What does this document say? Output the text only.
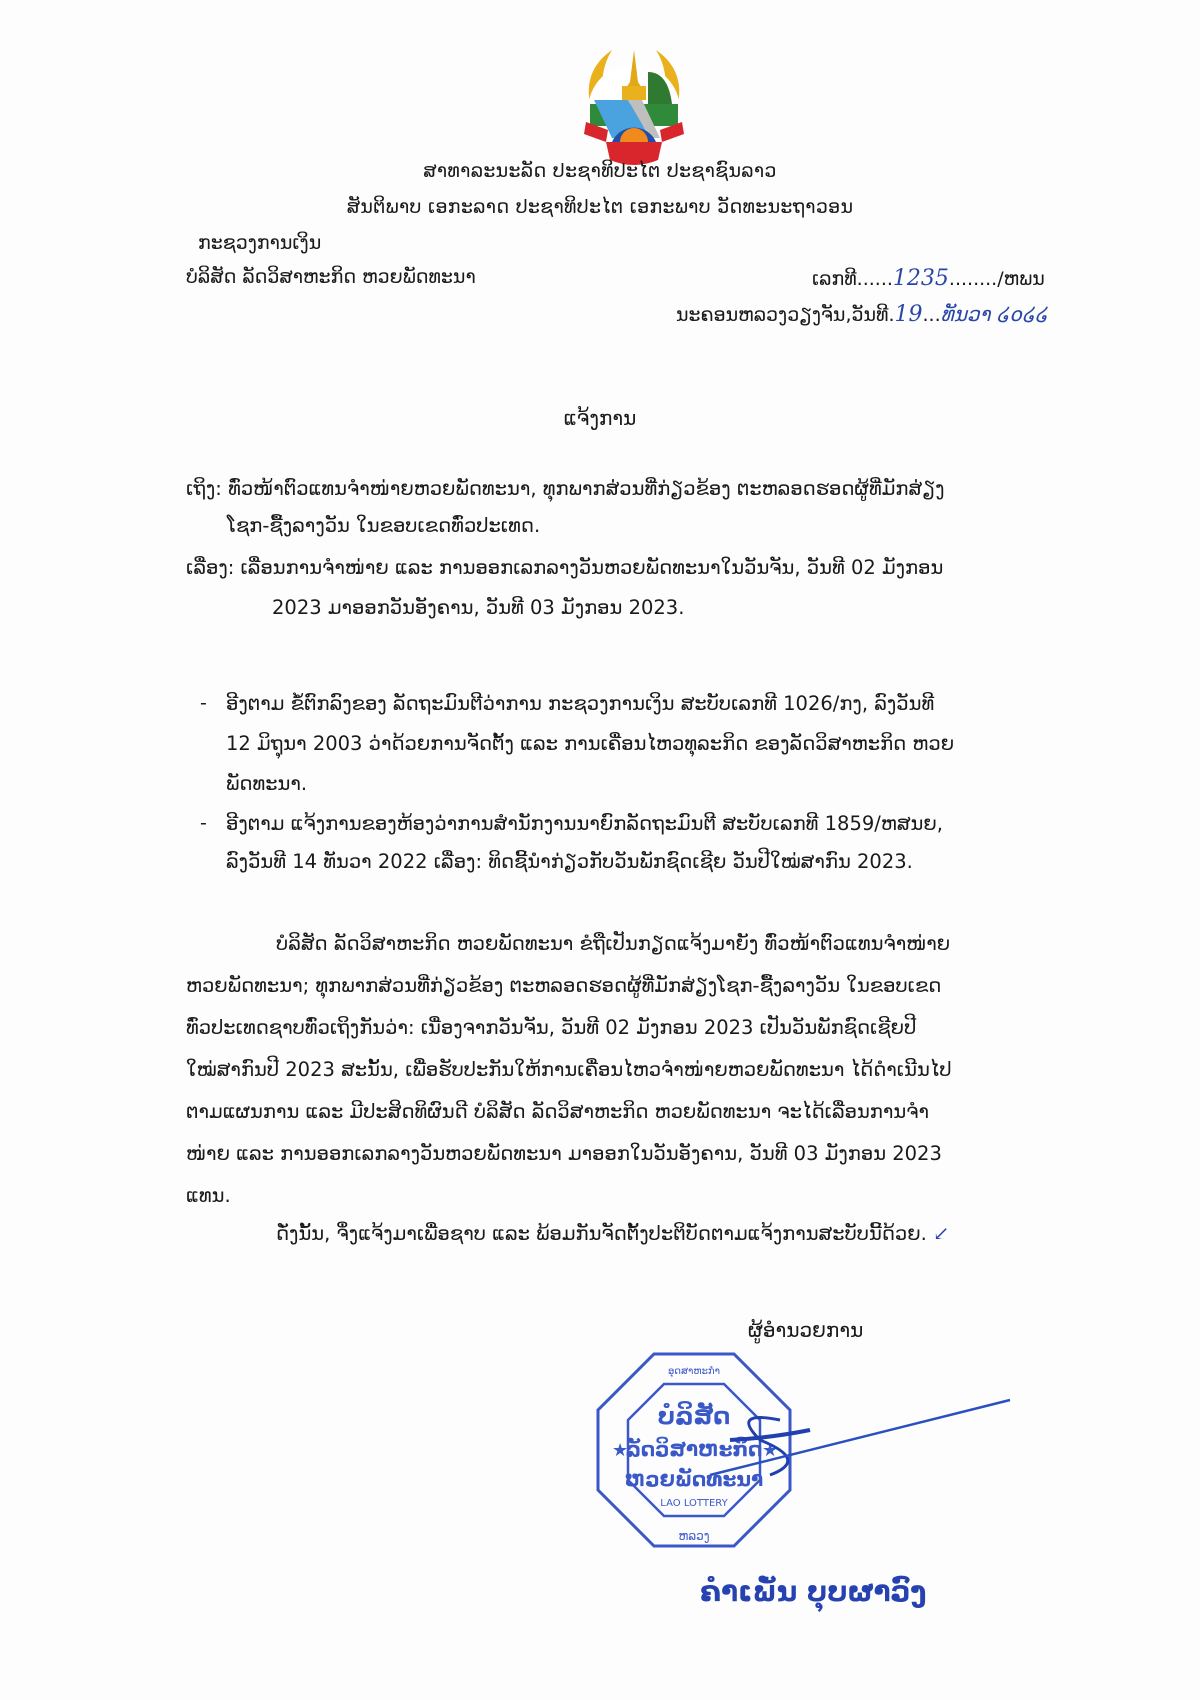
ສາທາລະນະລັດ ປະຊາທິປະໄຕ ປະຊາຊົນລາວ
ສັນຕິພາບ ເອກະລາດ ປະຊາທິປະໄຕ ເອກະພາບ ວັດທະນະຖາວອນ
ກະຊວງການເງິນ
ບໍລິສັດ ລັດວິສາຫະກິດ ຫວຍພັດທະນາ	ເລກທີ......1235......../ຫພນ
ນະຄອນຫລວງວຽງຈັນ,ວັນທີ.19...ທັນວາ ໒໐໒໒
ແຈ້ງການ
ເຖິງ: ທົ່ວໜ້າຕົວແທນຈຳໜ່າຍຫວຍພັດທະນາ, ທຸກພາກສ່ວນທີ່ກ່ຽວຂ້ອງ ຕະຫລອດຮອດຜູ້ທີ່ມັກສ່ຽງ
ໂຊກ-ຊື້ງລາງວັນ ໃນຂອບເຂດທົ່ວປະເທດ.
ເລື່ອງ: ເລື່ອນການຈຳໜ່າຍ ແລະ ການອອກເລກລາງວັນຫວຍພັດທະນາໃນວັນຈັນ, ວັນທີ 02 ມັງກອນ
2023 ມາອອກວັນອັງຄານ, ວັນທີ 03 ມັງກອນ 2023.
- ອີງຕາມ ຂໍ້ຕົກລົງຂອງ ລັດຖະມົນຕີວ່າການ ກະຊວງການເງິນ ສະບັບເລກທີ 1026/ກງ, ລົງວັນທີ
12 ມິຖຸນາ 2003 ວ່າດ້ວຍການຈັດຕັ້ງ ແລະ ການເຄື່ອນໄຫວທຸລະກິດ ຂອງລັດວິສາຫະກິດ ຫວຍ
ພັດທະນາ.
- ອີງຕາມ ແຈ້ງການຂອງຫ້ອງວ່າການສຳນັກງານນາຍົກລັດຖະມົນຕີ ສະບັບເລກທີ 1859/ຫສນຍ,
ລົງວັນທີ 14 ທັນວາ 2022 ເລື່ອງ: ທິດຊີ້ນຳກ່ຽວກັບວັນພັກຊົດເຊີຍ ວັນປີໃໝ່ສາກົນ 2023.
ບໍລິສັດ ລັດວິສາຫະກິດ ຫວຍພັດທະນາ ຂໍຖືເປັນກຽດແຈ້ງມາຍັງ ທົ່ວໜ້າຕົວແທນຈຳໜ່າຍ
ຫວຍພັດທະນາ; ທຸກພາກສ່ວນທີ່ກ່ຽວຂ້ອງ ຕະຫລອດຮອດຜູ້ທີ່ມັກສ່ຽງໂຊກ-ຊື້ງລາງວັນ ໃນຂອບເຂດ
ທົ່ວປະເທດຊາບທົ່ວເຖິງກັນວ່າ: ເນື່ອງຈາກວັນຈັນ, ວັນທີ 02 ມັງກອນ 2023 ເປັນວັນພັກຊົດເຊີຍປີ
ໃໝ່ສາກົນປີ 2023 ສະນັ້ນ, ເພື່ອຮັບປະກັນໃຫ້ການເຄື່ອນໄຫວຈຳໜ່າຍຫວຍພັດທະນາ ໄດ້ດຳເນີນໄປ
ຕາມແຜນການ ແລະ ມີປະສິດທິຜົນດີ ບໍລິສັດ ລັດວິສາຫະກິດ ຫວຍພັດທະນາ ຈະໄດ້ເລື່ອນການຈຳ
ໜ່າຍ ແລະ ການອອກເລກລາງວັນຫວຍພັດທະນາ ມາອອກໃນວັນອັງຄານ, ວັນທີ 03 ມັງກອນ 2023
ແທນ.
ດັ່ງນັ້ນ, ຈຶ່ງແຈ້ງມາເພື່ອຊາບ ແລະ ພ້ອມກັນຈັດຕັ້ງປະຕິບັດຕາມແຈ້ງການສະບັບນີ້ດ້ວຍ. ↙
ຜູ້ອຳນວຍການ
ບໍລິສັດ
ລັດວິສາຫະກິດ
ຫວຍພັດທະນາ
LAO LOTTERY
★	★
ອຸດສາຫະກຳ
ຫລວງ
ຄຳເພັ່ນ ບຸບຜາວົງ
